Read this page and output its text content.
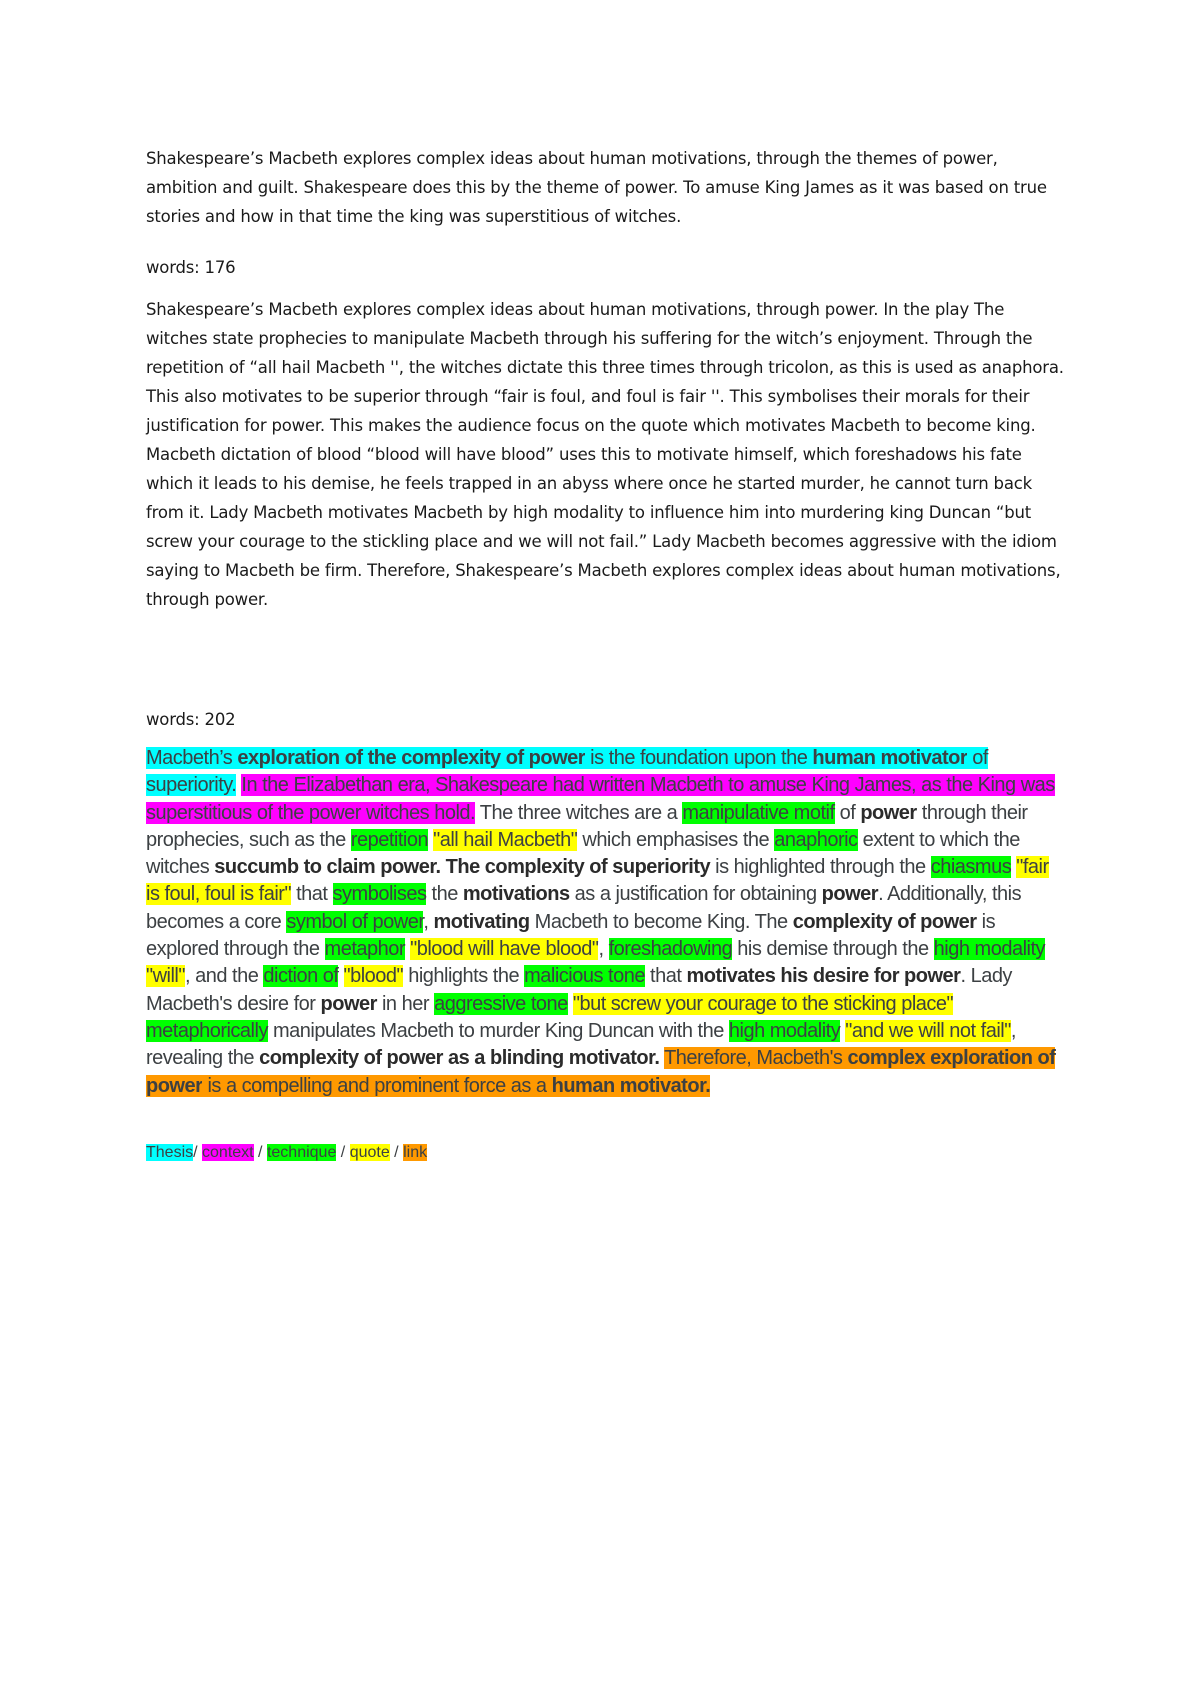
Shakespeare’s Macbeth explores complex ideas about human motivations, through the themes of power, ambition and guilt. Shakespeare does this by the theme of power. To amuse King James as it was based on true stories and how in that time the king was superstitious of witches.

words: 176

Shakespeare’s Macbeth explores complex ideas about human motivations, through power. In the play The witches state prophecies to manipulate Macbeth through his suffering for the witch’s enjoyment. Through the repetition of “all hail Macbeth '', the witches dictate this three times through tricolon, as this is used as anaphora. This also motivates to be superior through “fair is foul, and foul is fair ''. This symbolises their morals for their justification for power. This makes the audience focus on the quote which motivates Macbeth to become king. Macbeth dictation of blood “blood will have blood” uses this to motivate himself, which foreshadows his fate which it leads to his demise, he feels trapped in an abyss where once he started murder, he cannot turn back from it. Lady Macbeth motivates Macbeth by high modality to influence him into murdering king Duncan “but screw your courage to the stickling place and we will not fail.” Lady Macbeth becomes aggressive with the idiom saying to Macbeth be firm. Therefore, Shakespeare’s Macbeth explores complex ideas about human motivations, through power.

words: 202

Macbeth’s exploration of the complexity of power is the foundation upon the human motivator of superiority. In the Elizabethan era, Shakespeare had written Macbeth to amuse King James, as the King was superstitious of the power witches hold. The three witches are a manipulative motif of power through their prophecies, such as the repetition "all hail Macbeth" which emphasises the anaphoric extent to which the witches succumb to claim power. The complexity of superiority is highlighted through the chiasmus "fair is foul, foul is fair" that symbolises the motivations as a justification for obtaining power. Additionally, this becomes a core symbol of power, motivating Macbeth to become King. The complexity of power is explored through the metaphor "blood will have blood", foreshadowing his demise through the high modality "will", and the diction of "blood" highlights the malicious tone that motivates his desire for power. Lady Macbeth's desire for power in her aggressive tone "but screw your courage to the sticking place" metaphorically manipulates Macbeth to murder King Duncan with the high modality "and we will not fail", revealing the complexity of power as a blinding motivator. Therefore, Macbeth's complex exploration of power is a compelling and prominent force as a human motivator.

Thesis/ context / technique / quote / link
